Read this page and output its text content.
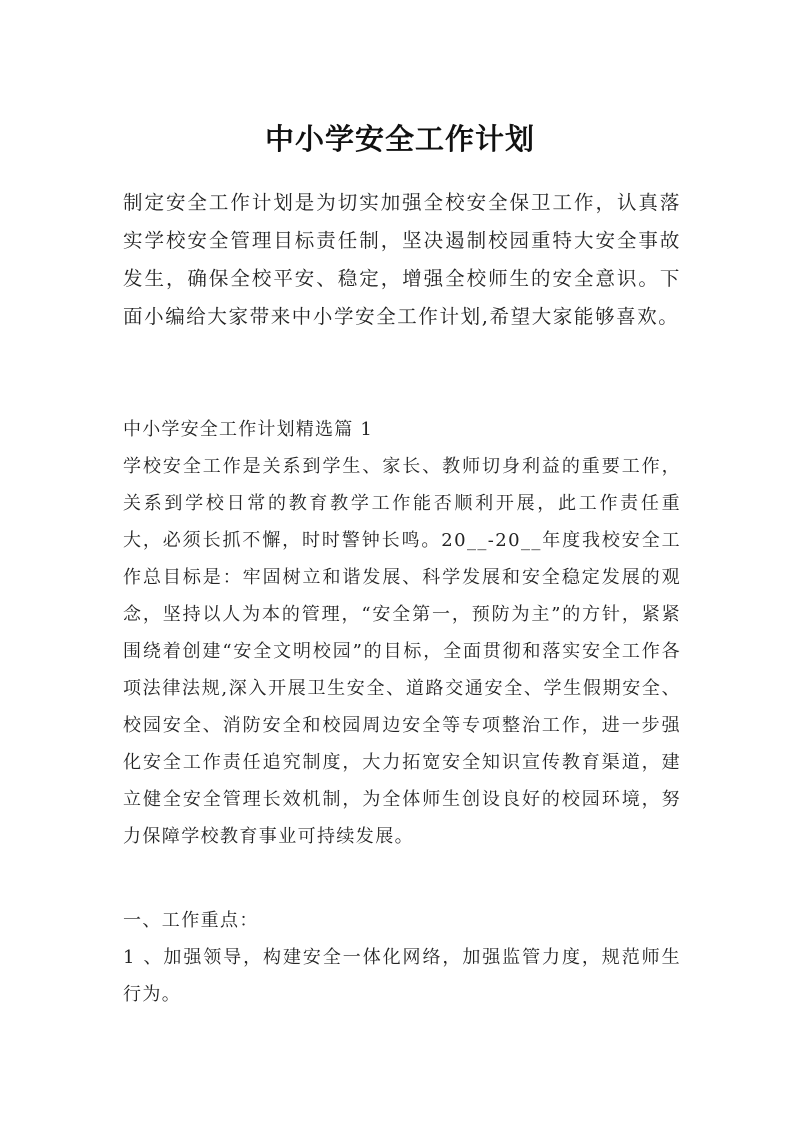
中小学安全工作计划

制定安全工作计划是为切实加强全校安全保卫工作，认真落实学校安全管理目标责任制，坚决遏制校园重特大安全事故发生，确保全校平安、稳定，增强全校师生的安全意识。下面小编给大家带来中小学安全工作计划,希望大家能够喜欢。

中小学安全工作计划精选篇 1

学校安全工作是关系到学生、家长、教师切身利益的重要工作，关系到学校日常的教育教学工作能否顺利开展，此工作责任重大，必须长抓不懈，时时警钟长鸣。20__-20__年度我校安全工作总目标是：牢固树立和谐发展、科学发展和安全稳定发展的观念，坚持以人为本的管理，“安全第一，预防为主”的方针，紧紧围绕着创建“安全文明校园”的目标，全面贯彻和落实安全工作各项法律法规,深入开展卫生安全、道路交通安全、学生假期安全、校园安全、消防安全和校园周边安全等专项整治工作，进一步强化安全工作责任追究制度，大力拓宽安全知识宣传教育渠道，建立健全安全管理长效机制，为全体师生创设良好的校园环境，努力保障学校教育事业可持续发展。

一、工作重点：

1 、加强领导，构建安全一体化网络，加强监管力度，规范师生行为。
